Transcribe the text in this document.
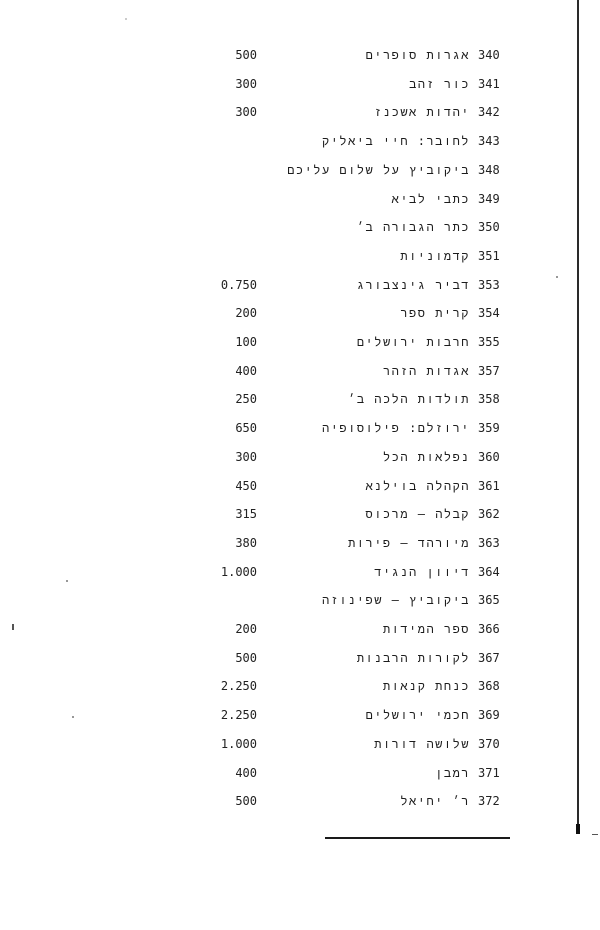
500	אגרות סופרים 340
300	כור זהב 341
300	יהדות אשכנז 342
לחובר: חיי ביאליק 343
ביקוביץ על שלום עליכם 348
כתבי לביא 349
כתר הגבורה ב׳ 350
קדמוניות 351
0.750	דביר גינצבורג 353
200	קרית ספר 354
100	חרבות ירושלים 355
400	אגדות הזהר 357
250	תולדות הלכה ב׳ 358
650	ירוזלם: פילוסופיה 359
300	נפלאות הכל 360
450	הקהלה בוילנא 361
315	קבלה – מרכוס 362
380	מיורהד – פירות 363
1.000	דיוון הנגיד 364
ביקוביץ – שפינוזה 365
200	ספר המידות 366
500	לקורות הרבנות 367
2.250	כנחת קנאות 368
2.250	חכמי ירושלים 369
1.000	שלושה דורות 370
400	רמבן 371
500	ר׳ יחיאל 372
